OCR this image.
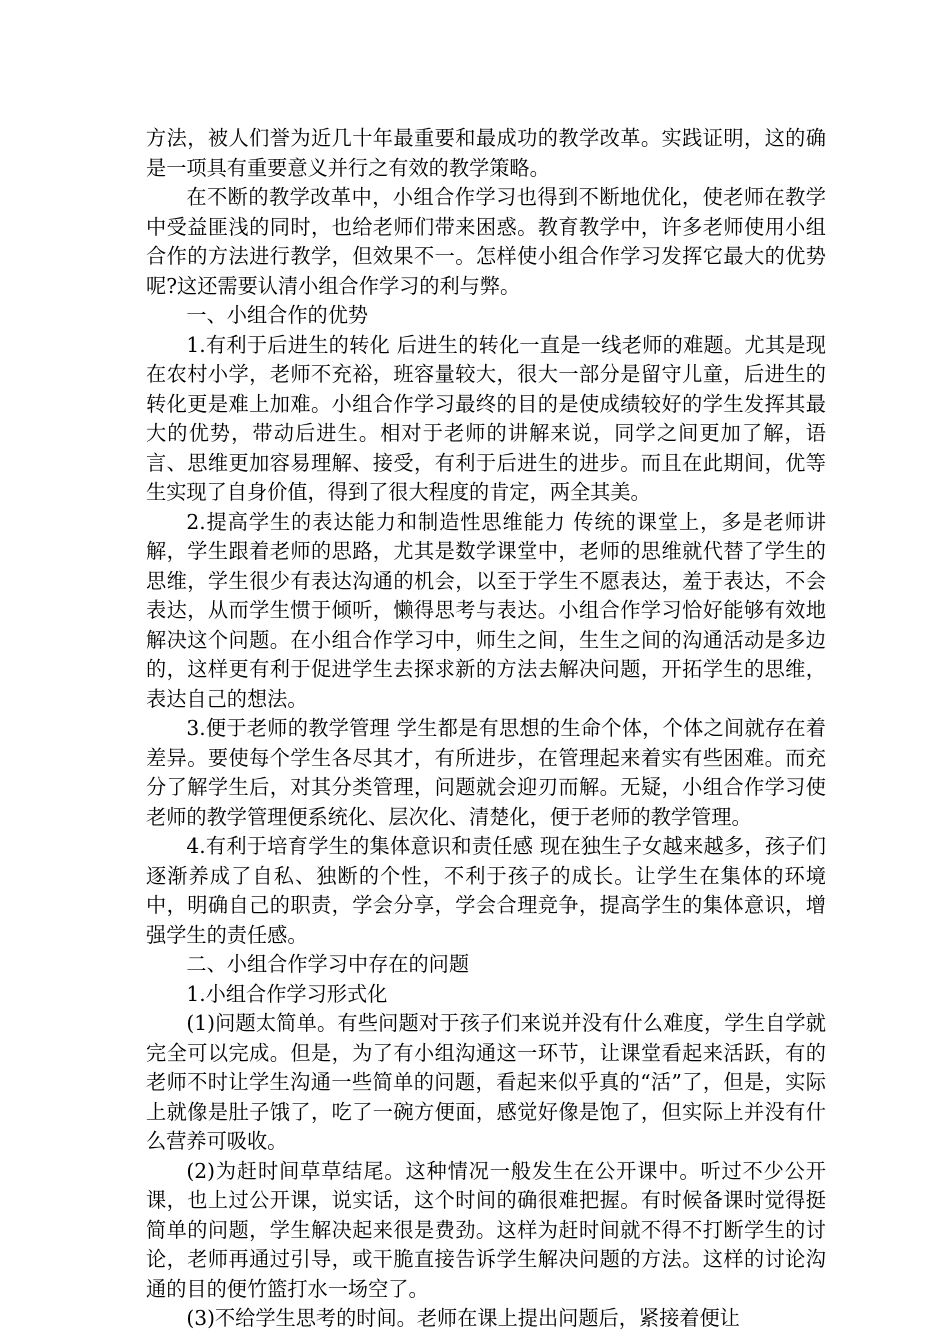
方法，被人们誉为近几十年最重要和最成功的教学改革。实践证明，这的确是一项具有重要意义并行之有效的教学策略。

在不断的教学改革中，小组合作学习也得到不断地优化，使老师在教学中受益匪浅的同时，也给老师们带来困惑。教育教学中，许多老师使用小组合作的方法进行教学，但效果不一。怎样使小组合作学习发挥它最大的优势呢?这还需要认清小组合作学习的利与弊。

一、小组合作的优势

1.有利于后进生的转化 后进生的转化一直是一线老师的难题。尤其是现在农村小学，老师不充裕，班容量较大，很大一部分是留守儿童，后进生的转化更是难上加难。小组合作学习最终的目的是使成绩较好的学生发挥其最大的优势，带动后进生。相对于老师的讲解来说，同学之间更加了解，语言、思维更加容易理解、接受，有利于后进生的进步。而且在此期间，优等生实现了自身价值，得到了很大程度的肯定，两全其美。

2.提高学生的表达能力和制造性思维能力 传统的课堂上，多是老师讲解，学生跟着老师的思路，尤其是数学课堂中，老师的思维就代替了学生的思维，学生很少有表达沟通的机会，以至于学生不愿表达，羞于表达，不会表达，从而学生惯于倾听，懒得思考与表达。小组合作学习恰好能够有效地解决这个问题。在小组合作学习中，师生之间，生生之间的沟通活动是多边的，这样更有利于促进学生去探求新的方法去解决问题，开拓学生的思维，表达自己的想法。

3.便于老师的教学管理 学生都是有思想的生命个体，个体之间就存在着差异。要使每个学生各尽其才，有所进步，在管理起来着实有些困难。而充分了解学生后，对其分类管理，问题就会迎刃而解。无疑，小组合作学习使老师的教学管理便系统化、层次化、清楚化，便于老师的教学管理。

4.有利于培育学生的集体意识和责任感 现在独生子女越来越多，孩子们逐渐养成了自私、独断的个性，不利于孩子的成长。让学生在集体的环境中，明确自己的职责，学会分享，学会合理竞争，提高学生的集体意识，增强学生的责任感。

二、小组合作学习中存在的问题

1.小组合作学习形式化

(1)问题太简单。有些问题对于孩子们来说并没有什么难度，学生自学就完全可以完成。但是，为了有小组沟通这一环节，让课堂看起来活跃，有的老师不时让学生沟通一些简单的问题，看起来似乎真的“活”了，但是，实际上就像是肚子饿了，吃了一碗方便面，感觉好像是饱了，但实际上并没有什么营养可吸收。

(2)为赶时间草草结尾。这种情况一般发生在公开课中。听过不少公开课，也上过公开课，说实话，这个时间的确很难把握。有时候备课时觉得挺简单的问题，学生解决起来很是费劲。这样为赶时间就不得不打断学生的讨论，老师再通过引导，或干脆直接告诉学生解决问题的方法。这样的讨论沟通的目的便竹篮打水一场空了。

(3)不给学生思考的时间。老师在课上提出问题后，紧接着便让
